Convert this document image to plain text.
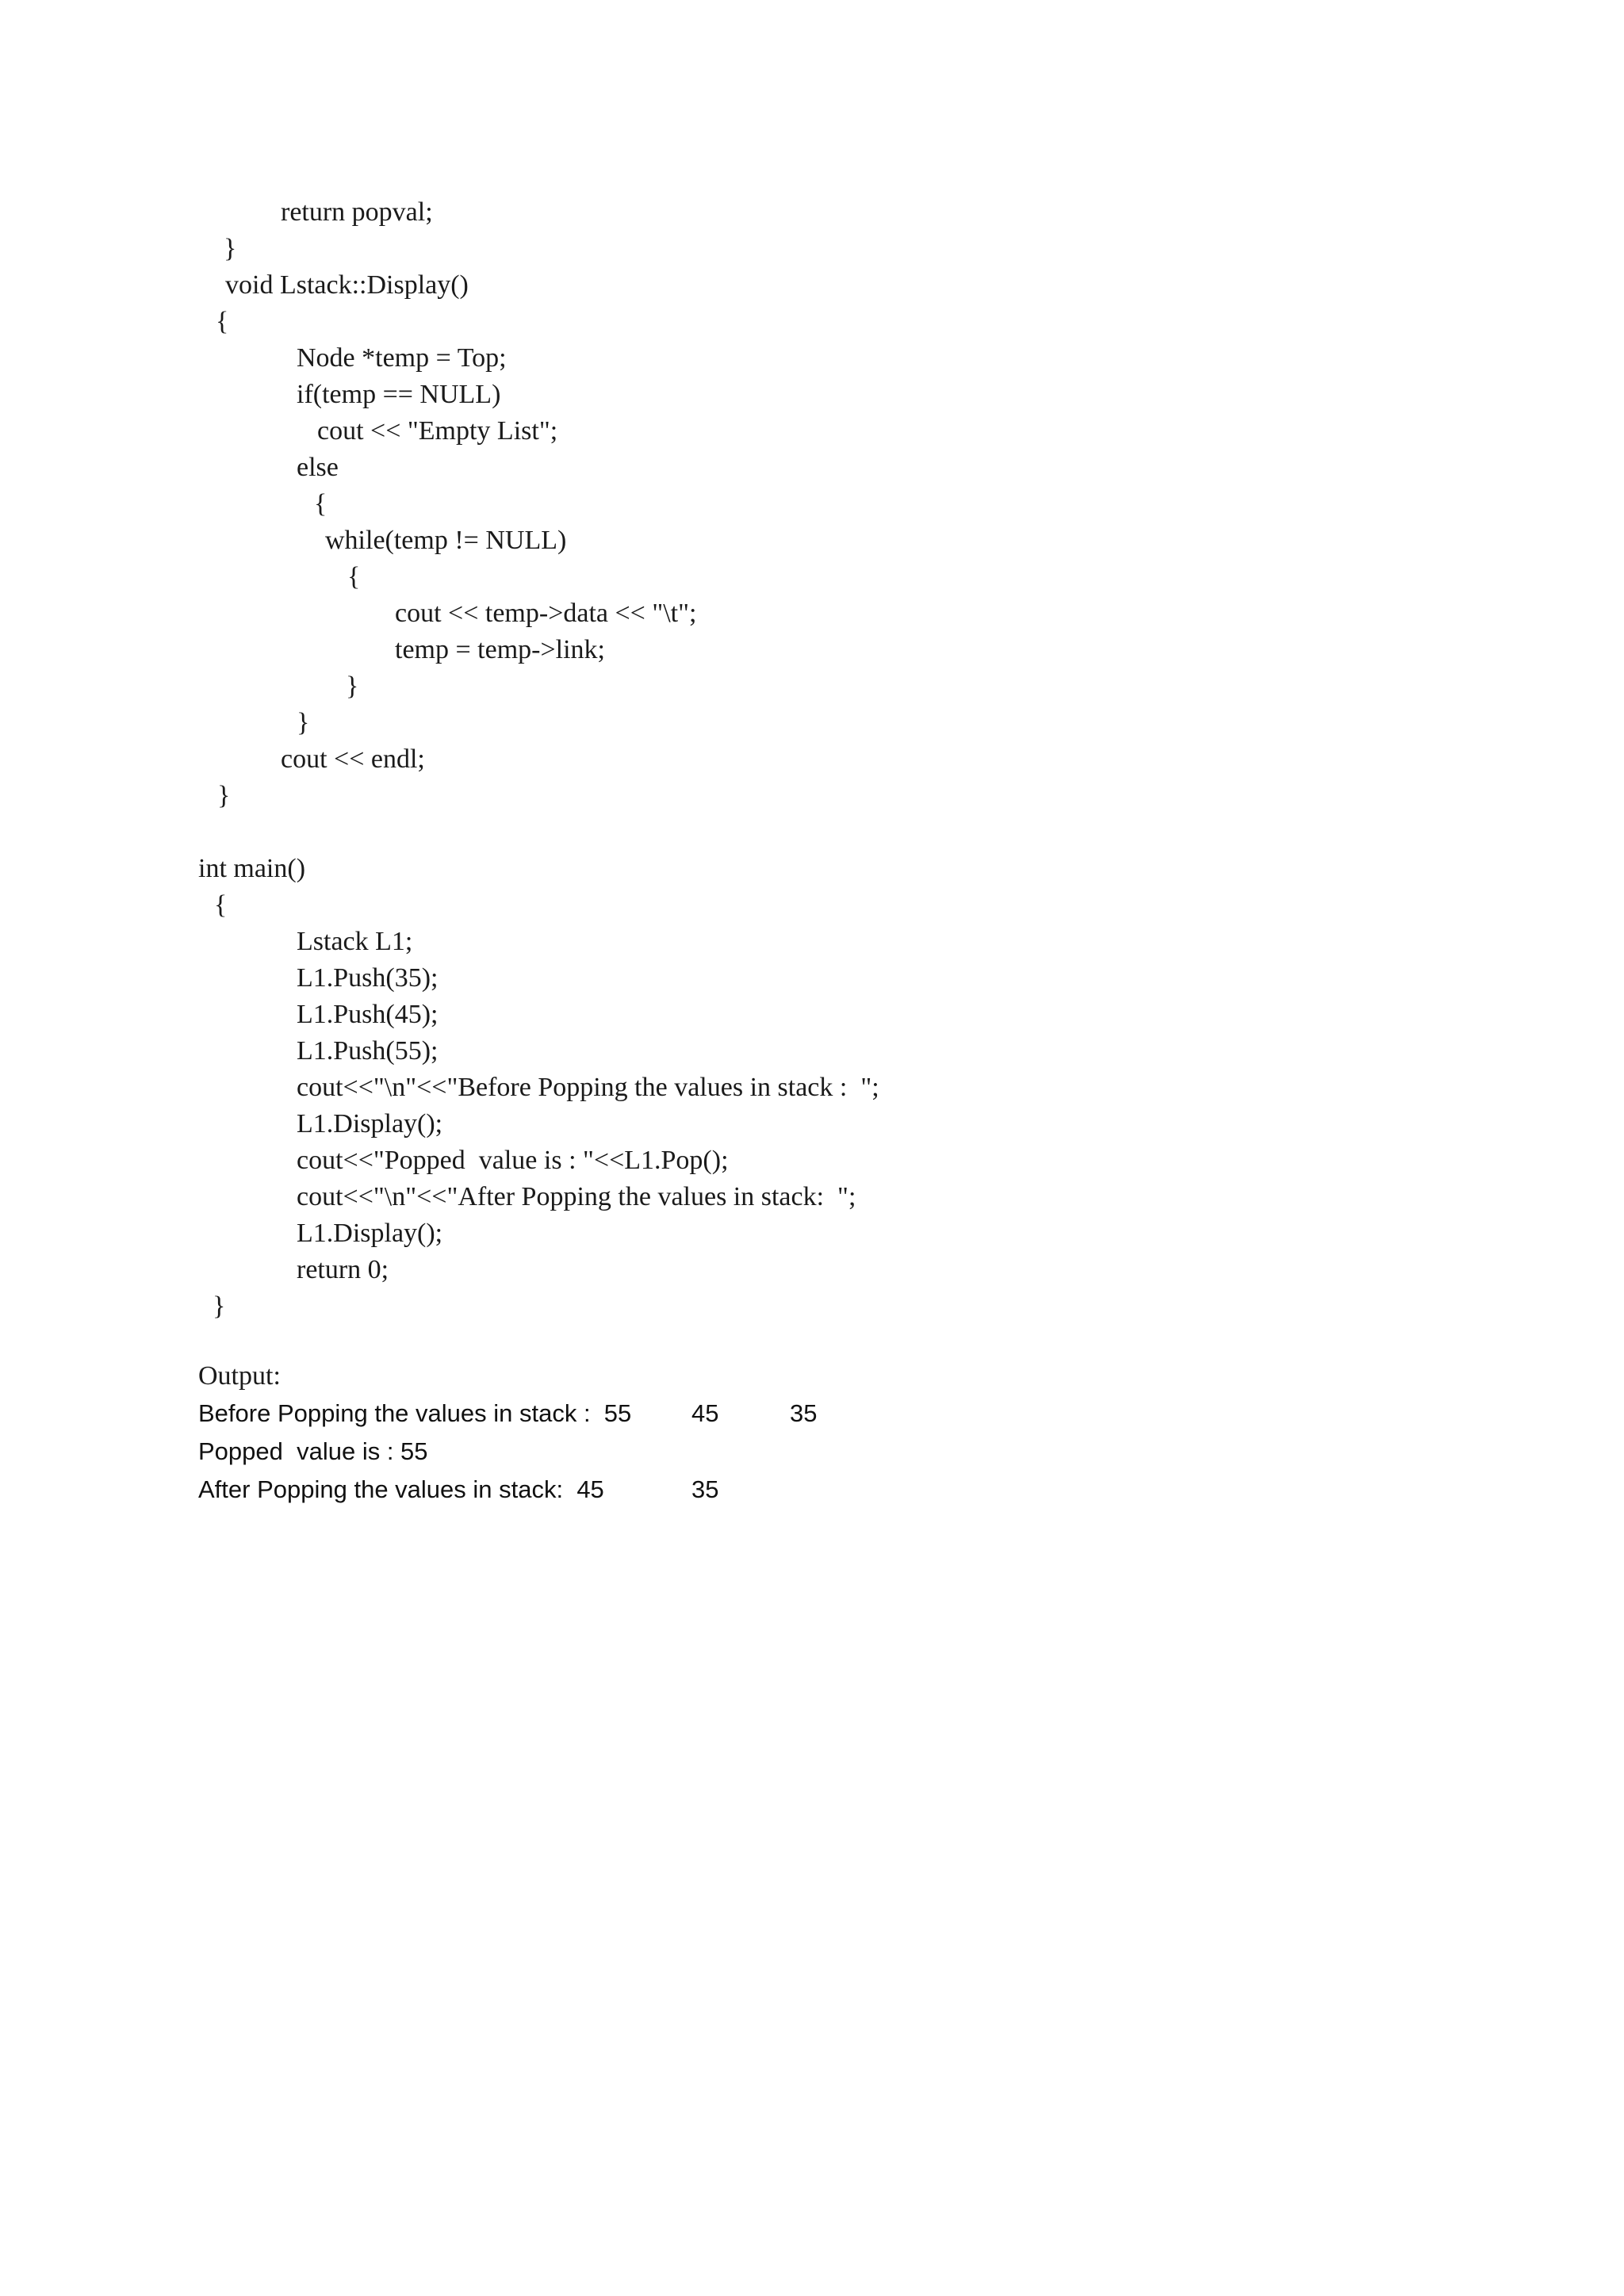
return popval;
}
void Lstack::Display()
{
Node *temp = Top;
if(temp == NULL)
cout << "Empty List";
else
{
while(temp != NULL)
{
cout << temp->data << "\t";
temp = temp->link;
}
}
cout << endl;
}
int main()
{
Lstack L1;
L1.Push(35);
L1.Push(45);
L1.Push(55);
cout<<"\n"<<"Before Popping the values in stack :  ";
L1.Display();
cout<<"Popped  value is : "<<L1.Pop();
cout<<"\n"<<"After Popping the values in stack:  ";
L1.Display();
return 0;
}
Output:
Before Popping the values in stack :  55 45	35
Popped  value is : 55
After Popping the values in stack:  45	35
